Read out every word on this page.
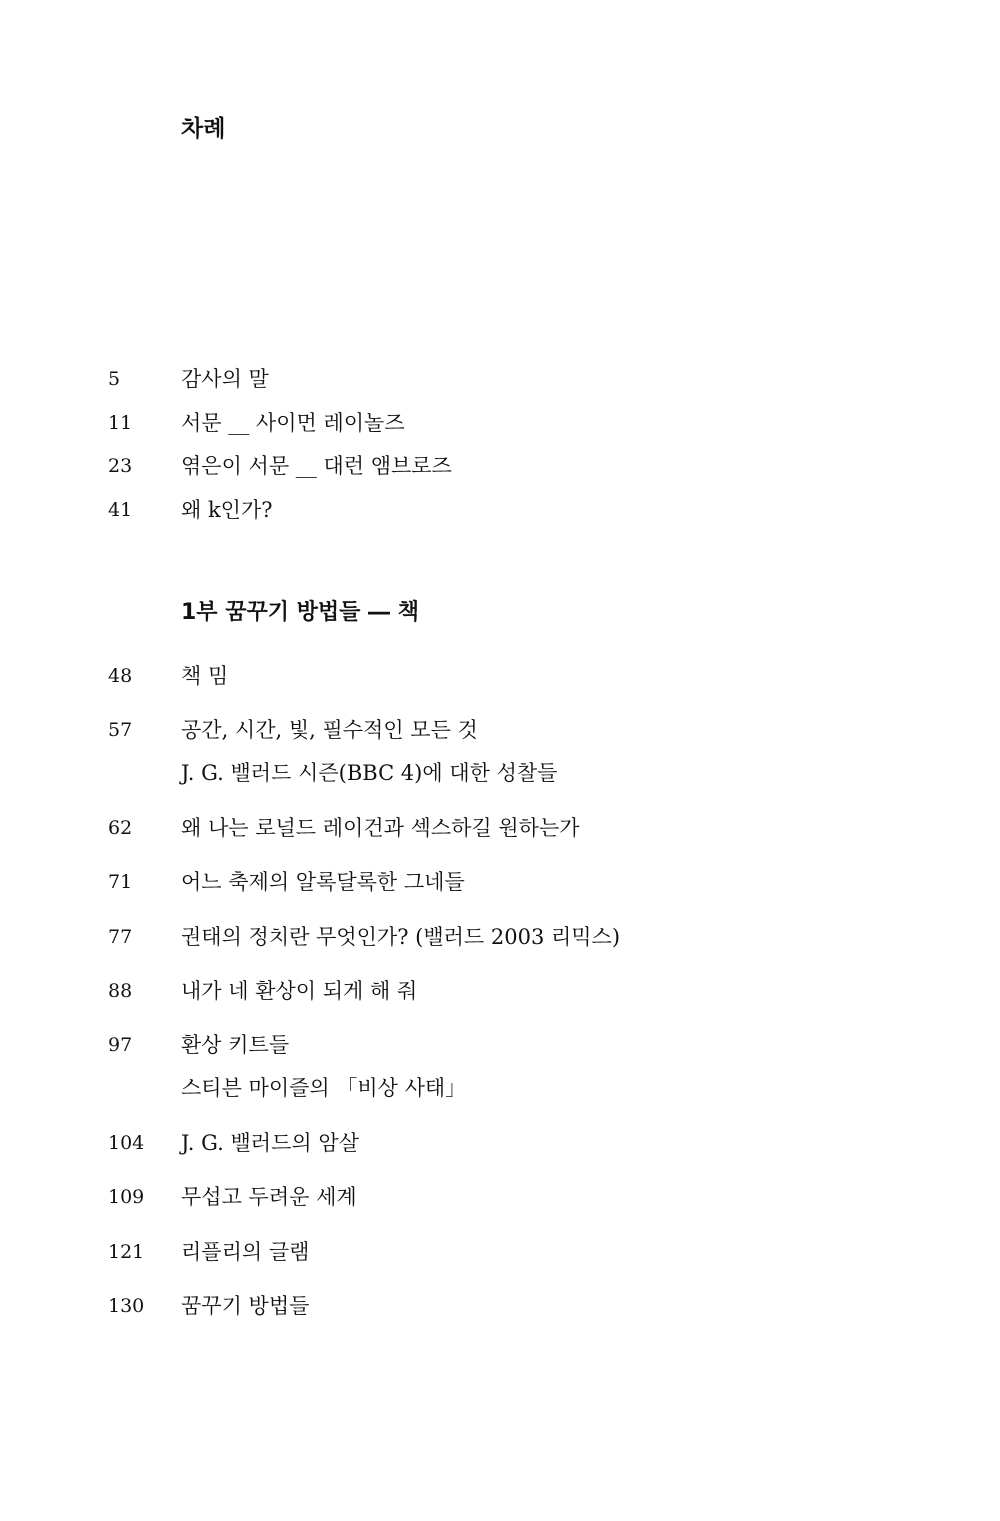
차례
5	감사의 말
11 서문 __ 사이먼 레이놀즈
23 엮은이 서문 __ 대런 앰브로즈
41 왜 k인가?
1부 꿈꾸기 방법들 ― 책
48 책 밈
57 공간, 시간, 빛, 필수적인 모든 것
J. G. 밸러드 시즌(BBC 4)에 대한 성찰들
62 왜 나는 로널드 레이건과 섹스하길 원하는가
71 어느 축제의 알록달록한 그네들
77 권태의 정치란 무엇인가? (밸러드 2003 리믹스)
88 내가 네 환상이 되게 해 줘
97 환상 키트들
스티븐 마이즐의 「비상 사태」
104 J. G. 밸러드의 암살
109 무섭고 두려운 세계
121 리플리의 글램
130 꿈꾸기 방법들
